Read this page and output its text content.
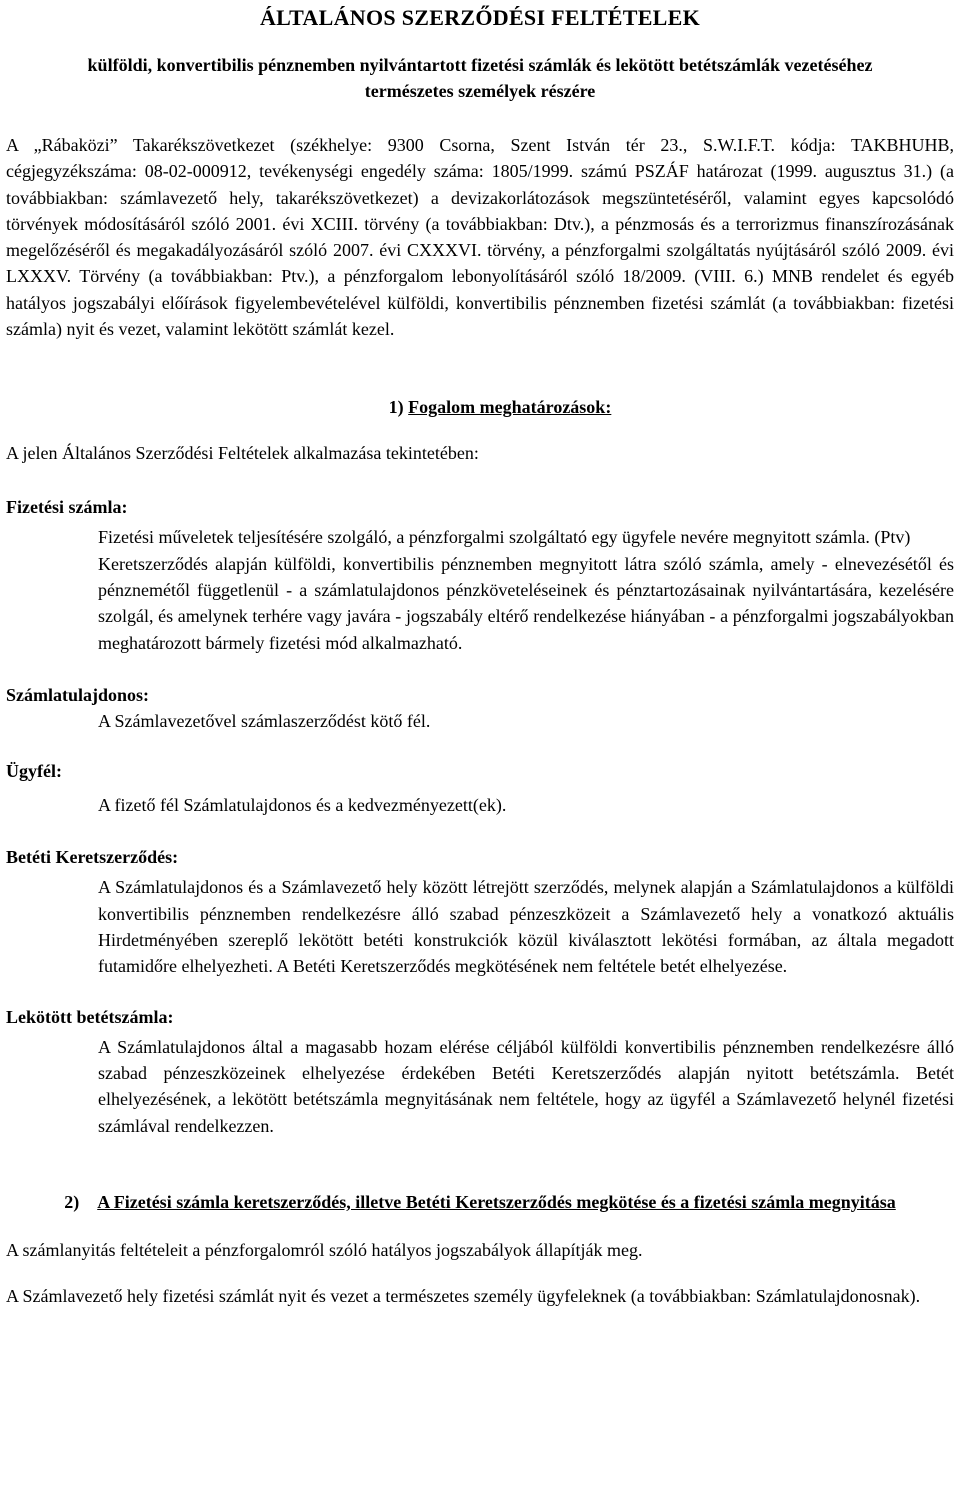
ÁLTALÁNOS SZERZŐDÉSI FELTÉTELEK
külföldi, konvertibilis pénznemben nyilvántartott fizetési számlák és lekötött betétszámlák vezetéséhez természetes személyek részére
A „Rábaközi” Takarékszövetkezet (székhelye: 9300 Csorna, Szent István tér 23., S.W.I.F.T. kódja: TAKBHUHB, cégjegyzékszáma: 08-02-000912, tevékenységi engedély száma: 1805/1999. számú PSZÁF határozat (1999. augusztus 31.) (a továbbiakban: számlavezető hely, takarékszövetkezet) a devizakorlátozások megszüntetéséről, valamint egyes kapcsolódó törvények módosításáról szóló 2001. évi XCIII. törvény (a továbbiakban: Dtv.), a pénzmosás és a terrorizmus finanszírozásának megelőzéséről és megakadályozásáról szóló 2007. évi CXXXVI. törvény, a pénzforgalmi szolgáltatás nyújtásáról szóló 2009. évi LXXXV. Törvény (a továbbiakban: Ptv.), a pénzforgalom lebonyolításáról szóló 18/2009. (VIII. 6.) MNB rendelet és egyéb hatályos jogszabályi előírások figyelembevételével külföldi, konvertibilis pénznemben fizetési számlát (a továbbiakban: fizetési számla) nyit és vezet, valamint lekötött számlát kezel.
1) Fogalom meghatározások:
A jelen Általános Szerződési Feltételek alkalmazása tekintetében:
Fizetési számla:
Fizetési műveletek teljesítésére szolgáló, a pénzforgalmi szolgáltató egy ügyfele nevére megnyitott számla. (Ptv)
Keretszerződés alapján külföldi, konvertibilis pénznemben megnyitott látra szóló számla, amely - elnevezésétől és pénznemétől függetlenül - a számlatulajdonos pénzköveteléseinek és pénztartozásainak nyilvántartására, kezelésére szolgál, és amelynek terhére vagy javára - jogszabály eltérő rendelkezése hiányában - a pénzforgalmi jogszabályokban meghatározott bármely fizetési mód alkalmazható.
Számlatulajdonos:
A Számlavezetővel számlaszerződést kötő fél.
Ügyfél:
A fizető fél Számlatulajdonos és a kedvezményezett(ek).
Betéti Keretszerződés:
A Számlatulajdonos és a Számlavezető hely között létrejött szerződés, melynek alapján a Számlatulajdonos a külföldi konvertibilis pénznemben rendelkezésre álló szabad pénzeszközeit a Számlavezető hely a vonatkozó aktuális Hirdetményében szereplő lekötött betéti konstrukciók közül kiválasztott lekötési formában, az általa megadott futamidőre elhelyezheti. A Betéti Keretszerződés megkötésének nem feltétele betét elhelyezése.
Lekötött betétszámla:
A Számlatulajdonos által a magasabb hozam elérése céljából külföldi konvertibilis pénznemben rendelkezésre álló szabad pénzeszközeinek elhelyezése érdekében Betéti Keretszerződés alapján nyitott betétszámla. Betét elhelyezésének, a lekötött betétszámla megnyitásának nem feltétele, hogy az ügyfél a Számlavezető helynél fizetési számlával rendelkezzen.
2) A Fizetési számla keretszerződés, illetve Betéti Keretszerződés megkötése és a fizetési számla megnyitása
A számlanyitás feltételeit a pénzforgalomról szóló hatályos jogszabályok állapítják meg.
A Számlavezető hely fizetési számlát nyit és vezet a természetes személy ügyfeleknek (a továbbiakban: Számlatulajdonosnak).
